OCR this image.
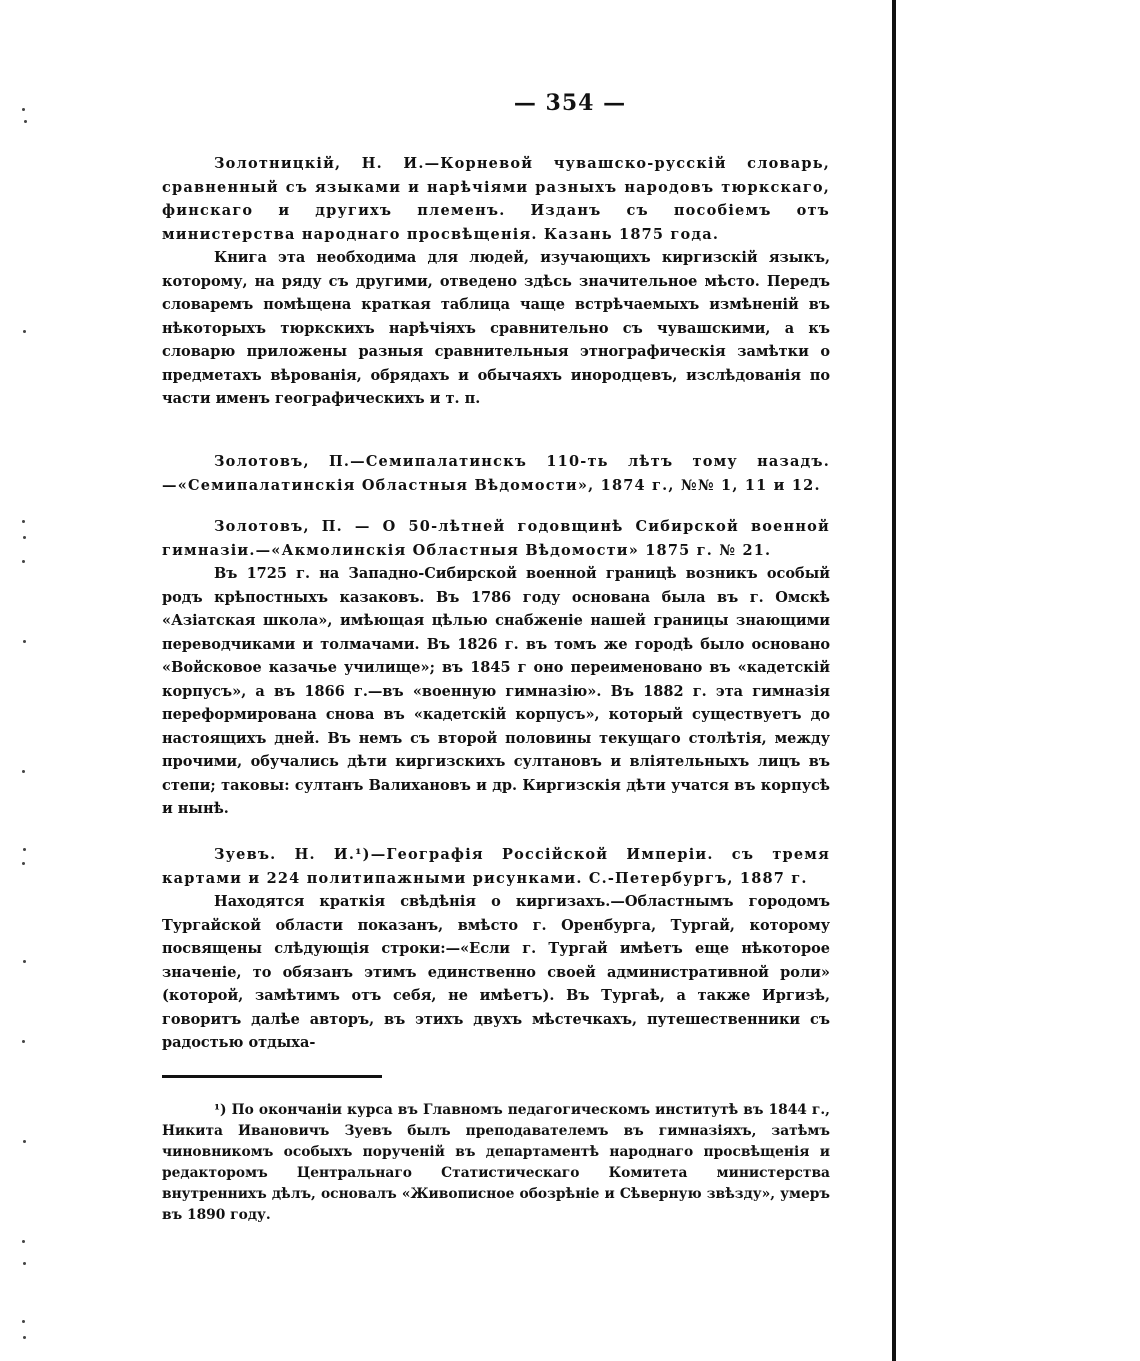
— 354 —

Золотницкій, Н. И.—Корневой чувашско-русскій словарь, сравненный съ языками и нарѣчіями разныхъ народовъ тюркскаго, финскаго и другихъ племенъ. Изданъ съ пособіемъ отъ министерства народнаго просвѣщенія. Казань 1875 года.

Книга эта необходима для людей, изучающихъ киргизскій языкъ, которому, на ряду съ другими, отведено здѣсь значительное мѣсто. Передъ словаремъ помѣщена краткая таблица чаще встрѣчаемыхъ измѣненій въ нѣкоторыхъ тюркскихъ нарѣчіяхъ сравнительно съ чувашскими, а къ словарю приложены разныя сравнительныя этнографическія замѣтки о предметахъ вѣрованія, обрядахъ и обычаяхъ инородцевъ, изслѣдованія по части именъ географическихъ и т. п.

Золотовъ, П.—Семипалатинскъ 110-ть лѣтъ тому назадъ.—«Семипалатинскія Областныя Вѣдомости», 1874 г., №№ 1, 11 и 12.

Золотовъ, П. — О 50-лѣтней годовщинѣ Сибирской военной гимназіи.—«Акмолинскія Областныя Вѣдомости» 1875 г. № 21.

Въ 1725 г. на Западно-Сибирской военной границѣ возникъ особый родъ крѣпостныхъ казаковъ. Въ 1786 году основана была въ г. Омскѣ «Азіатская школа», имѣющая цѣлью снабженіе нашей границы знающими переводчиками и толмачами. Въ 1826 г. въ томъ же городѣ было основано «Войсковое казачье училище»; въ 1845 г оно переименовано въ «кадетскій корпусъ», а въ 1866 г.—въ «военную гимназію». Въ 1882 г. эта гимназія переформирована снова въ «кадетскій корпусъ», который существуетъ до настоящихъ дней. Въ немъ съ второй половины текущаго столѣтія, между прочими, обучались дѣти киргизскихъ султановъ и вліятельныхъ лицъ въ степи; таковы: султанъ Валихановъ и др. Киргизскія дѣти учатся въ корпусѣ и нынѣ.

Зуевъ. Н. И.¹)—Географія Россійской Имперіи. съ тремя картами и 224 политипажными рисунками. С.-Петербургъ, 1887 г.

Находятся краткія свѣдѣнія о киргизахъ.—Областнымъ городомъ Тургайской области показанъ, вмѣсто г. Оренбурга, Тургай, которому посвящены слѣдующія строки:—«Если г. Тургай имѣетъ еще нѣкоторое значеніе, то обязанъ этимъ единственно своей административной роли» (которой, замѣтимъ отъ себя, не имѣетъ). Въ Тургаѣ, а также Иргизѣ, говоритъ далѣе авторъ, въ этихъ двухъ мѣстечкахъ, путешественники съ радостью отдыха-

¹) По окончаніи курса въ Главномъ педагогическомъ институтѣ въ 1844 г., Никита Ивановичъ Зуевъ былъ преподавателемъ въ гимназіяхъ, затѣмъ чиновникомъ особыхъ порученій въ департаментѣ народнаго просвѣщенія и редакторомъ Центральнаго Статистическаго Комитета министерства внутреннихъ дѣлъ, основалъ «Живописное обозрѣніе и Сѣверную звѣзду», умеръ въ 1890 году.
